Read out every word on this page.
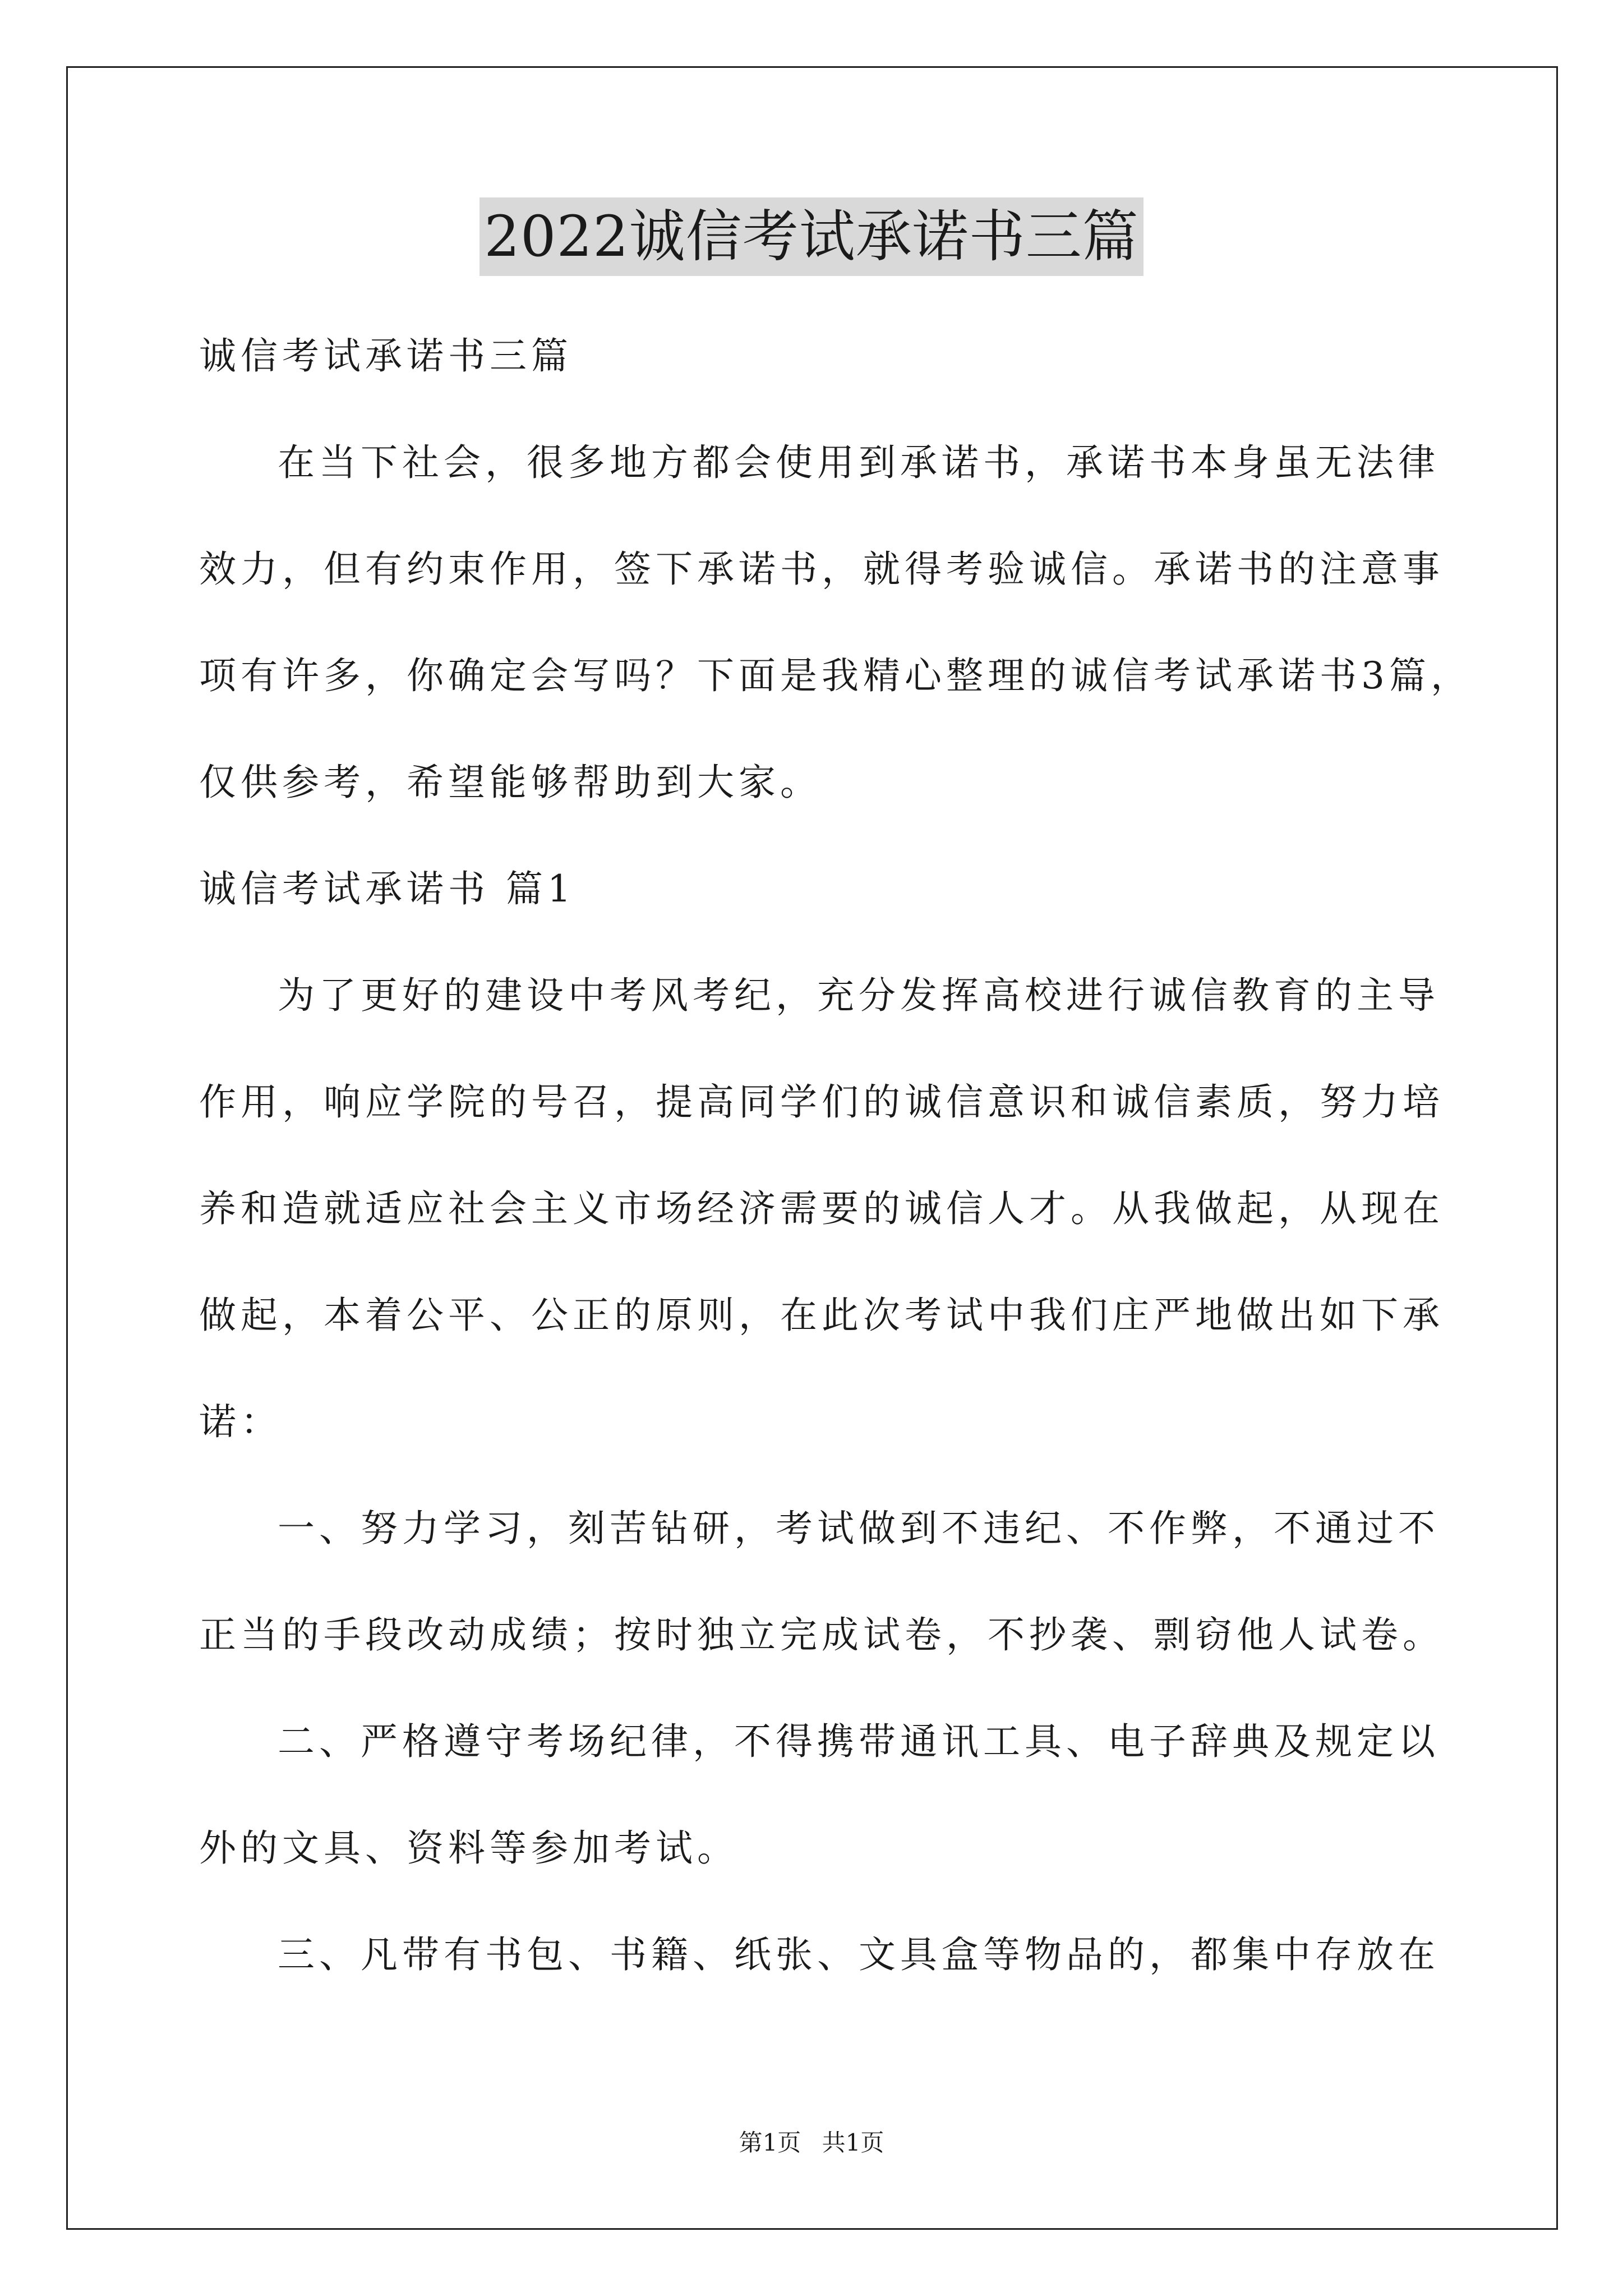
2022诚信考试承诺书三篇
诚信考试承诺书三篇
在当下社会，很多地方都会使用到承诺书，承诺书本身虽无法律
效力，但有约束作用，签下承诺书，就得考验诚信。承诺书的注意事
项有许多，你确定会写吗？下面是我精心整理的诚信考试承诺书3篇，
仅供参考，希望能够帮助到大家。
诚信考试承诺书 篇1
为了更好的建设中考风考纪，充分发挥高校进行诚信教育的主导
作用，响应学院的号召，提高同学们的诚信意识和诚信素质，努力培
养和造就适应社会主义市场经济需要的诚信人才。从我做起，从现在
做起，本着公平、公正的原则，在此次考试中我们庄严地做出如下承
诺：
一、努力学习，刻苦钻研，考试做到不违纪、不作弊，不通过不
正当的手段改动成绩；按时独立完成试卷，不抄袭、剽窃他人试卷。
二、严格遵守考场纪律，不得携带通讯工具、电子辞典及规定以
外的文具、资料等参加考试。
三、凡带有书包、书籍、纸张、文具盒等物品的，都集中存放在
第1页 共1页
